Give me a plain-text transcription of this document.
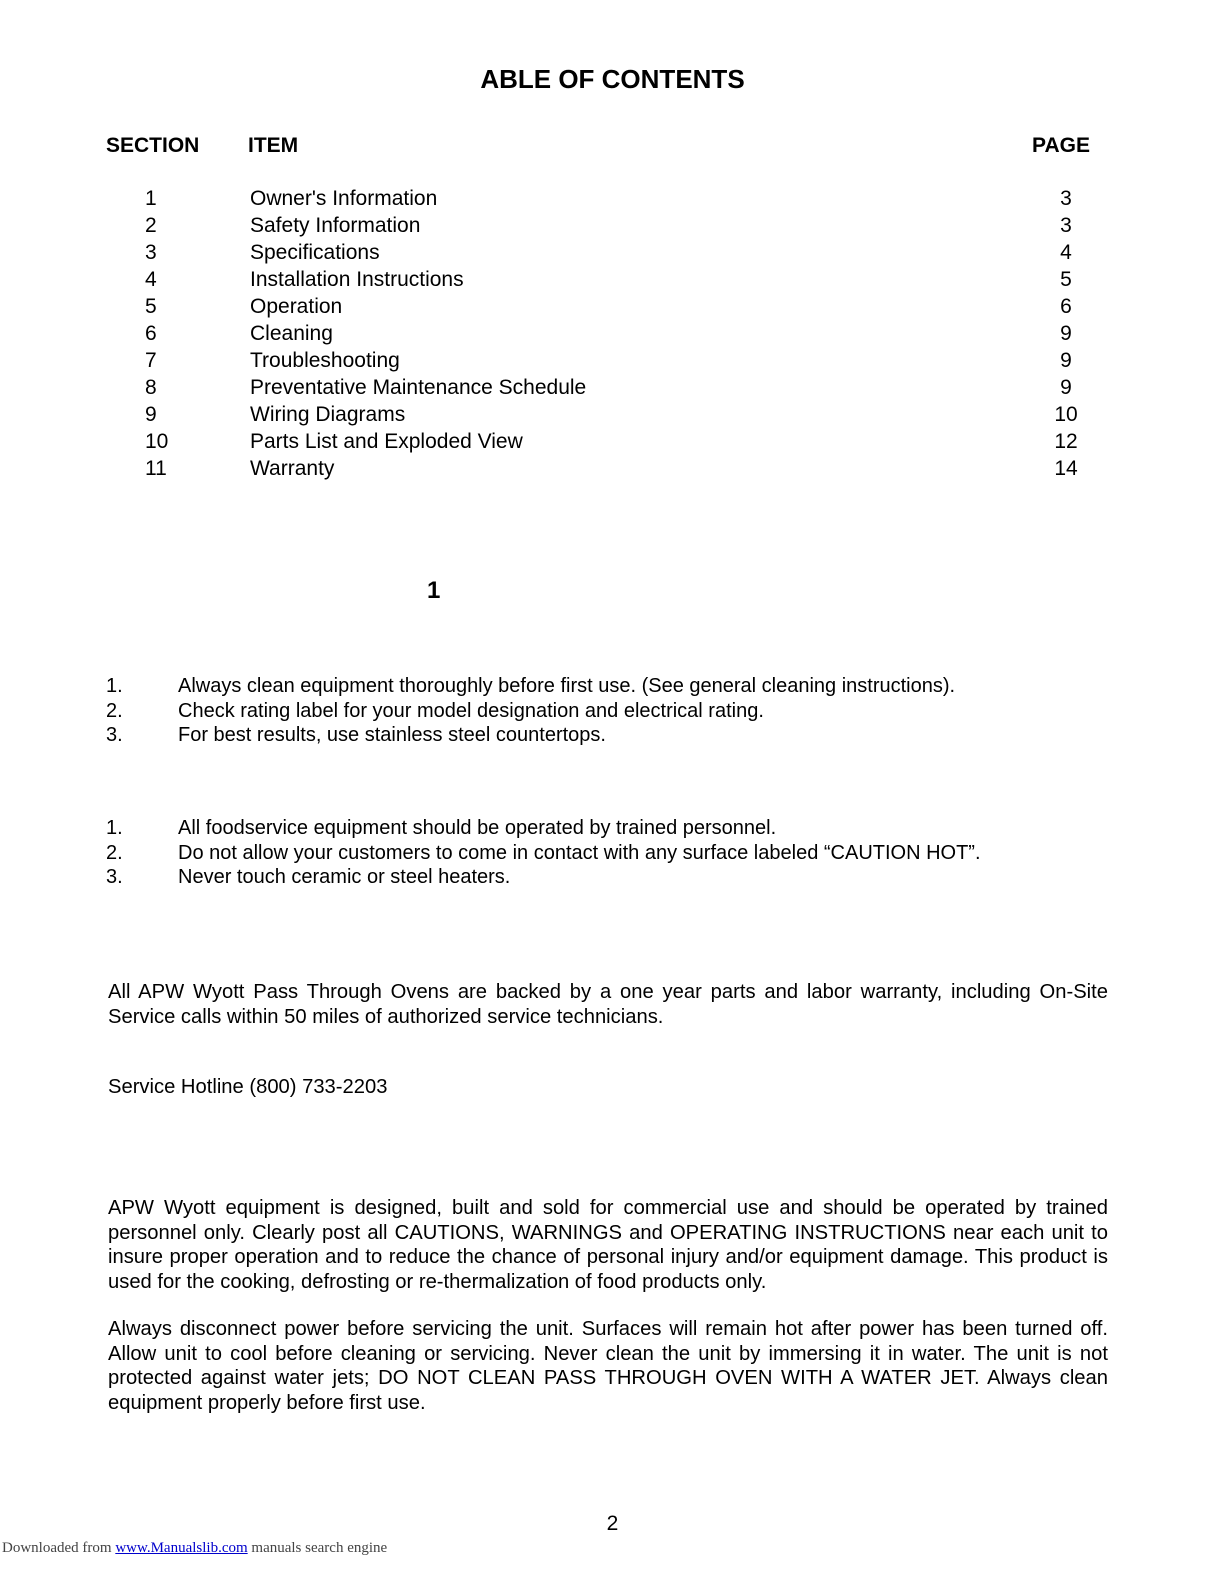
ABLE OF CONTENTS
SECTION ITEM	PAGE
1	Owner's Information	3
2	Safety Information	3
3	Specifications	4
4	Installation Instructions	5
5	Operation	6
6	Cleaning	9
7	Troubleshooting	9
8	Preventative Maintenance Schedule	9
9	Wiring Diagrams	10
10	Parts List and Exploded View	12
11	Warranty	14
1
1.	Always clean equipment thoroughly before first use. (See general cleaning instructions).
2.	Check rating label for your model designation and electrical rating.
3.	For best results, use stainless steel countertops.
1.	All foodservice equipment should be operated by trained personnel.
2.	Do not allow your customers to come in contact with any surface labeled “CAUTION HOT”.
3.	Never touch ceramic or steel heaters.

All APW Wyott Pass Through Ovens are backed by a one year parts and labor warranty, including On-Site Service calls within 50 miles of authorized service technicians.

Service Hotline (800) 733-2203

APW Wyott equipment is designed, built and sold for commercial use and should be operated by trained personnel only. Clearly post all CAUTIONS, WARNINGS and OPERATING INSTRUCTIONS near each unit to insure proper operation and to reduce the chance of personal injury and/or equipment damage. This product is used for the cooking, defrosting or re-thermalization of food products only.

Always disconnect power before servicing the unit. Surfaces will remain hot after power has been turned off. Allow unit to cool before cleaning or servicing. Never clean the unit by immersing it in water. The unit is not protected against water jets; DO NOT CLEAN PASS THROUGH OVEN WITH A WATER JET. Always clean equipment properly before first use.

2
Downloaded from www.Manualslib.com manuals search engine
